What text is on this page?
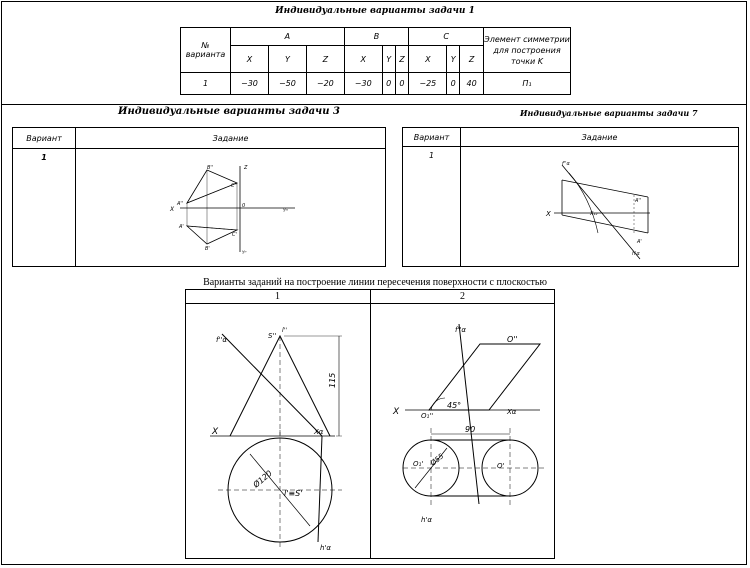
Индивидуальные варианты задачи 1
№ варианта	A			B			C			Элемент симметрии для построения точки K
	X	Y	Z	X	Y	Z	X	Y	Z	
1	−30	−50	−20	−30	0	0	−25	0	40	Π₁
Индивидуальные варианты задачи 3
Вариант	Задание
1	
Z
X	0
Yᵂ
Yᴴ
B''
C''
A''
A'
B'
C'
Индивидуальные варианты задачи 7
Вариант	Задание
1	
f''α
X	X₁₂
h'α
A''
A'
Варианты заданий на построение линии пересечения поверхности с плоскостью
1	2
f''α	S''
l''
X	Xα
115
Ø120
l'≡S'
h'α
f''α
O''
X	O₁''
45°
Xα
90
O₁' Ø55	O'
h'α
